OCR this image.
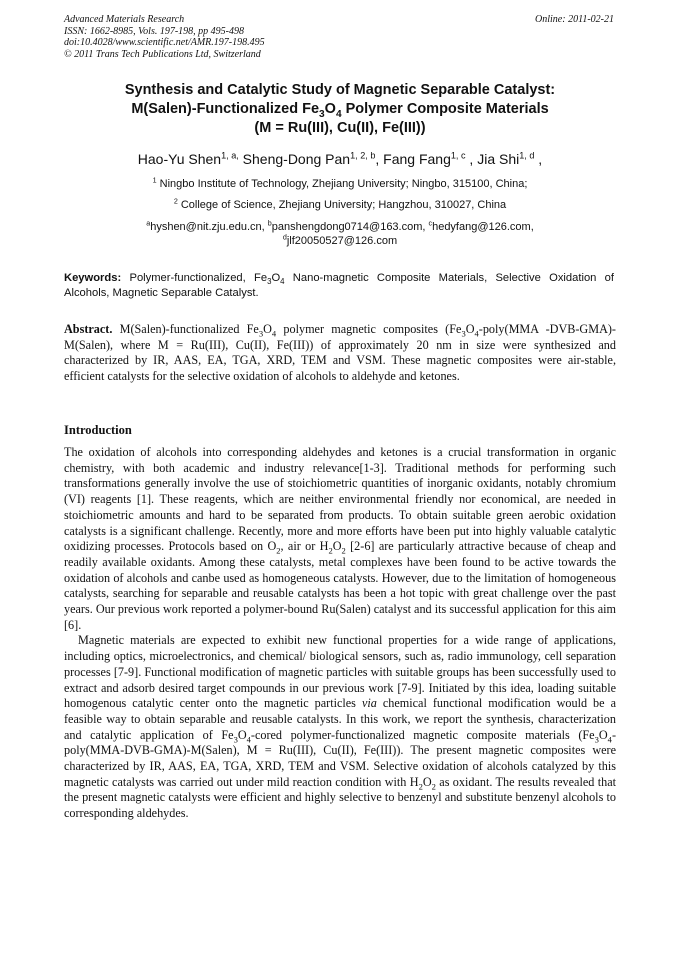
Advanced Materials Research
ISSN: 1662-8985, Vols. 197-198, pp 495-498
doi:10.4028/www.scientific.net/AMR.197-198.495
© 2011 Trans Tech Publications Ltd, Switzerland
Online: 2011-02-21
Synthesis and Catalytic Study of Magnetic Separable Catalyst:
M(Salen)-Functionalized $Fe_3O_4$ Polymer Composite Materials
(M = Ru(III), Cu(II), Fe(III))
Hao-Yu Shen$^{1, a,}$ Sheng-Dong Pan$^{1, 2, b}$, Fang Fang$^{1, c}$ , Jia Shi$^{1, d}$ ,
$^1$ Ningbo Institute of Technology, Zhejiang University; Ningbo, 315100, China;
$^2$ College of Science, Zhejiang University; Hangzhou, 310027, China
$^a$hyshen@nit.zju.edu.cn, $^b$panshengdong0714@163.com, $^c$hedyfang@126.com,
$^d$jlf20050527@126.com
Keywords: Polymer-functionalized, $Fe_3O_4$ Nano-magnetic Composite Materials, Selective Oxidation of Alcohols, Magnetic Separable Catalyst.
Abstract. M(Salen)-functionalized $Fe_3O_4$ polymer magnetic composites ($Fe_3O_4-poly(MMA$ -DVB-GMA)-M(Salen), where M = Ru(III), Cu(II), Fe(III)) of approximately 20 nm in size were synthesized and characterized by IR, AAS, EA, TGA, XRD, TEM and VSM. These magnetic composites were air-stable, efficient catalysts for the selective oxidation of alcohols to aldehyde and ketones.
Introduction

The oxidation of alcohols into corresponding aldehydes and ketones is a crucial transformation in organic chemistry, with both academic and industry relevance[1-3]. Traditional methods for performing such transformations generally involve the use of stoichiometric quantities of inorganic oxidants, notably chromium (VI) reagents [1]. These reagents, which are neither environmental friendly nor economical, are needed in stoichiometric amounts and hard to be separated from products. To obtain suitable green aerobic oxidation catalysts is a significant challenge. Recently, more and more efforts have been put into highly valuable catalytic oxidizing processes. Protocols based on $O_2$, air or $H_2O_2$ [2-6] are particularly attractive because of cheap and readily available oxidants. Among these catalysts, metal complexes have been found to be active towards the oxidation of alcohols and canbe used as homogeneous catalysts. However, due to the limitation of homogeneous catalysts, searching for separable and reusable catalysts has been a hot topic with great challenge over the past years. Our previous work reported a polymer-bound Ru(Salen) catalyst and its successful application for this aim [6].

Magnetic materials are expected to exhibit new functional properties for a wide range of applications, including optics, microelectronics, and chemical/ biological sensors, such as, radio immunology, cell separation processes [7-9]. Functional modification of magnetic particles with suitable groups has been successfully used to extract and adsorb desired target compounds in our previous work [7-9]. Initiated by this idea, loading suitable homogenous catalytic center onto the magnetic particles via chemical functional modification would be a feasible way to obtain separable and reusable catalysts. In this work, we report the synthesis, characterization and catalytic application of $Fe_3O_4$-cored polymer-functionalized magnetic composite materials ($Fe_3O_4-poly(MMA-DVB-GMA)-M(Salen)$, M = Ru(III), Cu(II), Fe(III)). The present magnetic composites were characterized by IR, AAS, EA, TGA, XRD, TEM and VSM. Selective oxidation of alcohols catalyzed by this magnetic catalysts was carried out under mild reaction condition with $H_2O_2$ as oxidant. The results revealed that the present magnetic catalysts were efficient and highly selective to benzenyl and substitute benzenyl alcohols to corresponding aldehydes.
